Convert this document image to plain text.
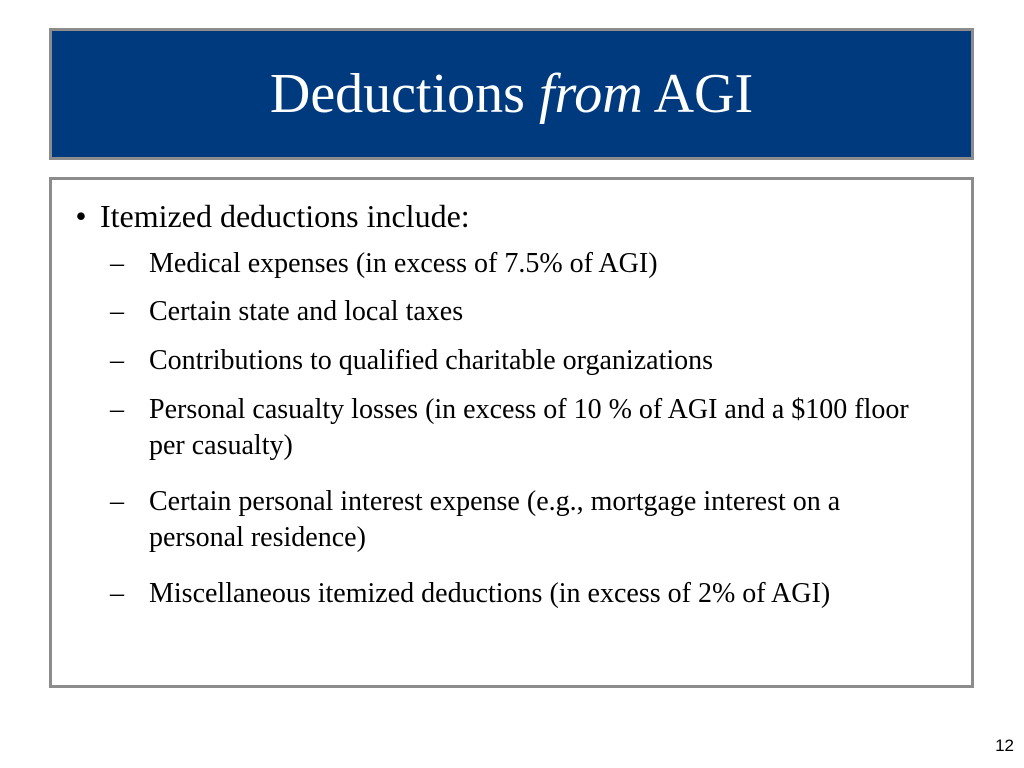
Deductions from AGI
• Itemized deductions include:
– Medical expenses (in excess of 7.5% of AGI)
– Certain state and local taxes
– Contributions to qualified charitable organizations
– Personal casualty losses (in excess of 10 % of AGI and a $100 floor per casualty)
– Certain personal interest expense (e.g., mortgage interest on a personal residence)
– Miscellaneous itemized deductions (in excess of 2% of AGI)
12
